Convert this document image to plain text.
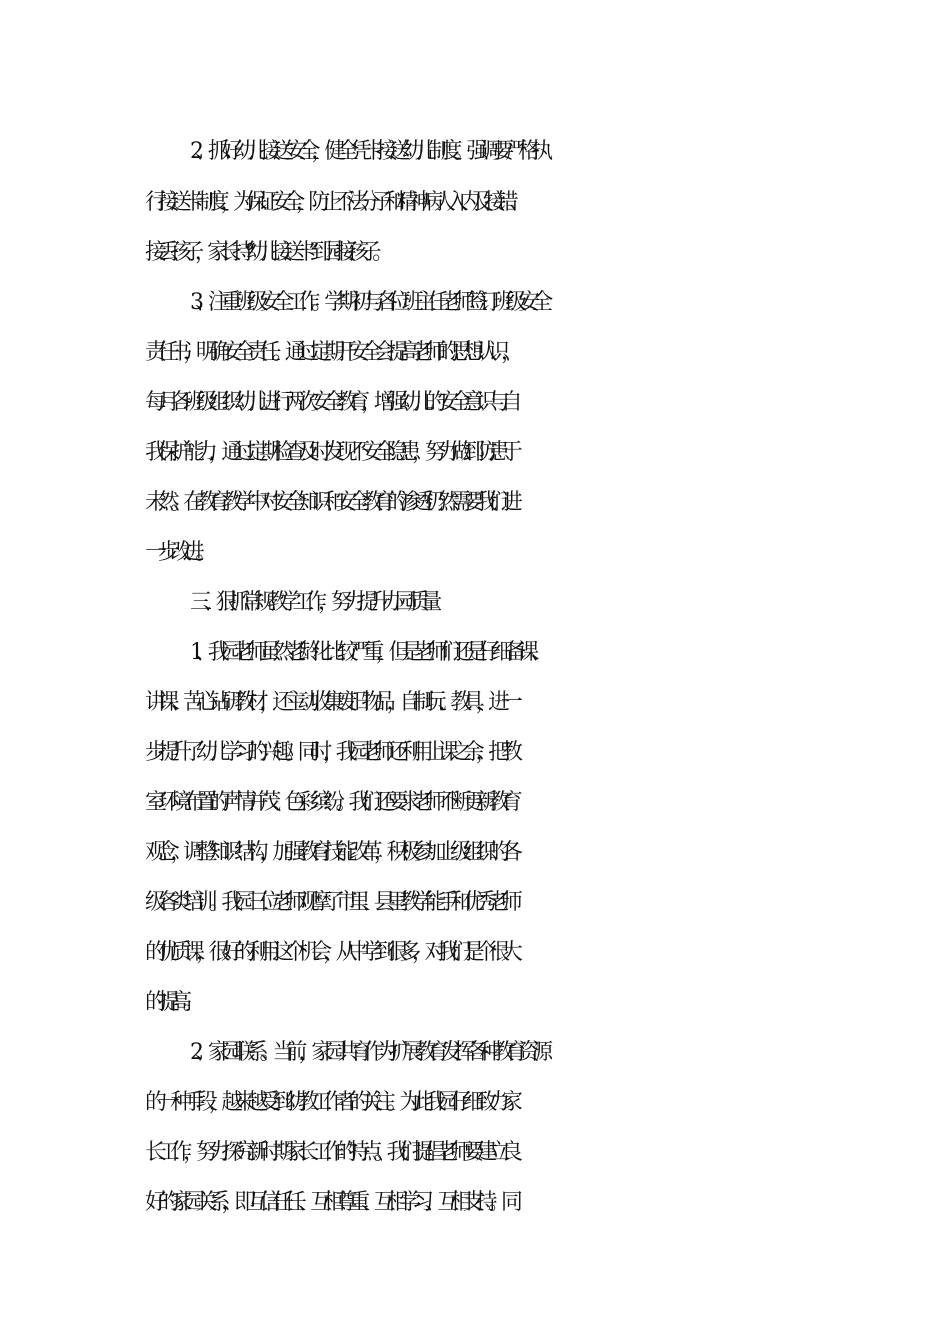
2、抓好幼儿接送安全，健全凭卡接送幼儿制度。强调要严格执
行接送卡制度，为保证安全，防止不法分子和精神病人入内及接错、
接丢孩子，家长持“幼儿接送卡”到园接孩子。
3、注重班级安全工作。学期初与各位班主任老师签订班级安全
责任书，明确安全责任。通过定期开安全会提高老师的思想认识，
每月各班级组织幼儿进行两次安全教育，增强幼儿的安全意识与自
我保护能力，通过定期检查及时发现不安全隐患，努力做到防患于
未然。在教育教学中对安全知识和安全教育的渗透仍然需要我们进
一步改进。
三、狠抓常规教学工作，努力提升办园质量
1、我园老师虽然老龄化比较严重，但是老师们还是仔细备课、
讲课、苦心钻研教材，还主动收集废旧物品，自制玩、教具，进一
步提升了幼儿学习的兴趣。同时，我园老师还利用上课之余，把教
室环境布置的声情并茂、色彩缤纷。我们还要求老师不断更新教育
观念，调整知识结构，加强教育技能改革，积极参加上级组织的各
级各类培训。我园三位老师观摩了市里、县里教学能手和优秀老师
的优质课，很好的利用这个机会，从中学到很多，对我们是个很大
的提高。
2、家园联系。当前，家园共育作为扩展教育发挥各种教育资源
的一种手段，越来越受到幼教工作者的关注。为此我园仔细致力家
长工作，努力探究新时期家长工作的特点。我们提倡老师要建立良
好的家园关系，即互信任任、互相尊重、互相学习、互相支持。同
